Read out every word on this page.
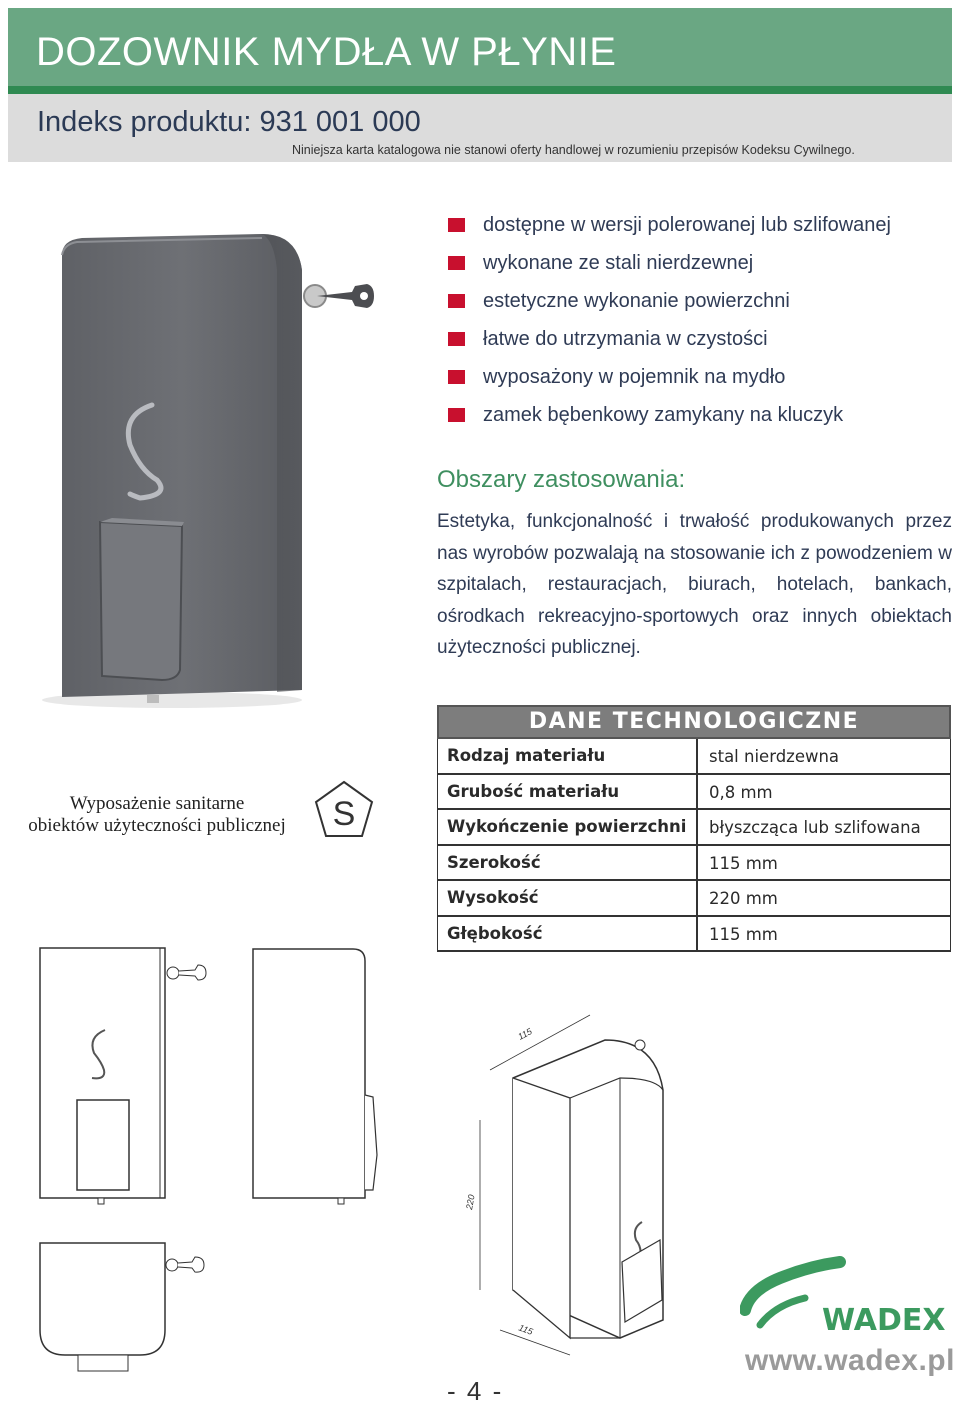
DOZOWNIK MYDŁA W PŁYNIE
Indeks produktu: 931 001 000
Niniejsza karta katalogowa nie stanowi oferty handlowej w rozumieniu przepisów Kodeksu Cywilnego.
dostępne w wersji polerowanej lub szlifowanej
wykonane ze stali nierdzewnej
estetyczne wykonanie powierzchni
łatwe do utrzymania w czystości
wyposażony w pojemnik na mydło
zamek bębenkowy zamykany na kluczyk
Obszary zastosowania:

Estetyka, funkcjonalność i trwałość produkowanych przez nas wyrobów pozwalają na stosowanie ich z powodzeniem w szpitalach, restauracjach, biurach, hotelach, bankach, ośrodkach rekreacyjno-sportowych oraz innych obiektach użyteczności publicznej.

DANE TECHNOLOGICZNE
Rodzaj materiału	stal nierdzewna
Grubość materiału	0,8 mm
Wykończenie powierzchni	błyszcząca lub szlifowana
Szerokość	115 mm
Wysokość	220 mm
Głębokość	115 mm
Wyposażenie sanitarne
obiektów użyteczności publicznej	S
115
220
115
- 4 -
WADEX
www.wadex.pl
